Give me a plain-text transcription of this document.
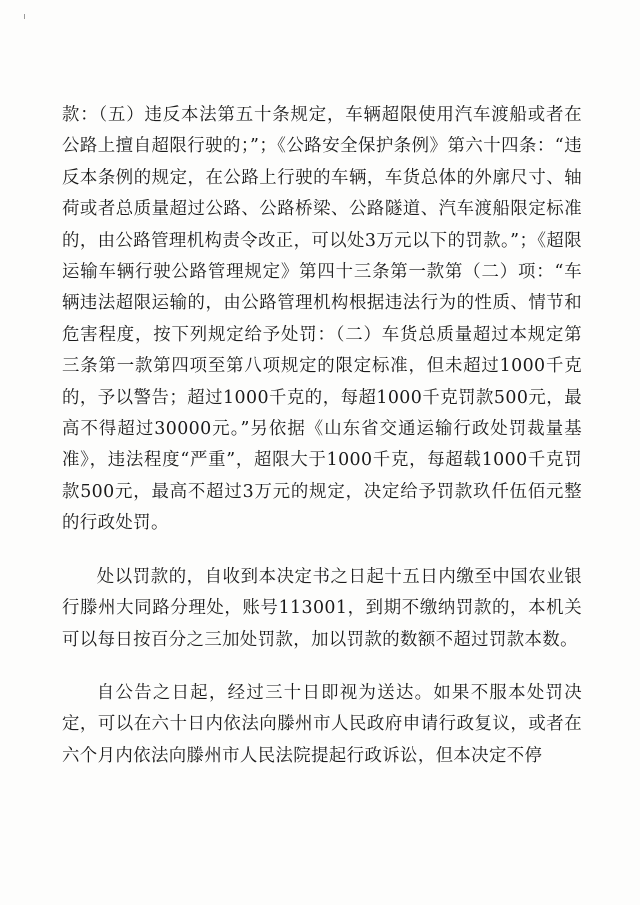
款：（五）违反本法第五十条规定，车辆超限使用汽车渡船或者在公路上擅自超限行驶的；”；《公路安全保护条例》第六十四条：“违反本条例的规定，在公路上行驶的车辆，车货总体的外廓尺寸、轴荷或者总质量超过公路、公路桥梁、公路隧道、汽车渡船限定标准的，由公路管理机构责令改正，可以处3万元以下的罚款。”；《超限运输车辆行驶公路管理规定》第四十三条第一款第（二）项：“车辆违法超限运输的，由公路管理机构根据违法行为的性质、情节和危害程度，按下列规定给予处罚：（二）车货总质量超过本规定第三条第一款第四项至第八项规定的限定标准，但未超过1000千克的，予以警告；超过1000千克的，每超1000千克罚款500元，最高不得超过30000元。”另依据《山东省交通运输行政处罚裁量基准》，违法程度“严重”，超限大于1000千克，每超载1000千克罚款500元，最高不超过3万元的规定，决定给予罚款玖仟伍佰元整的行政处罚。

处以罚款的，自收到本决定书之日起十五日内缴至中国农业银行滕州大同路分理处，账号113001，到期不缴纳罚款的，本机关可以每日按百分之三加处罚款，加以罚款的数额不超过罚款本数。

自公告之日起，经过三十日即视为送达。如果不服本处罚决定，可以在六十日内依法向滕州市人民政府申请行政复议，或者在六个月内依法向滕州市人民法院提起行政诉讼，但本决定不停
